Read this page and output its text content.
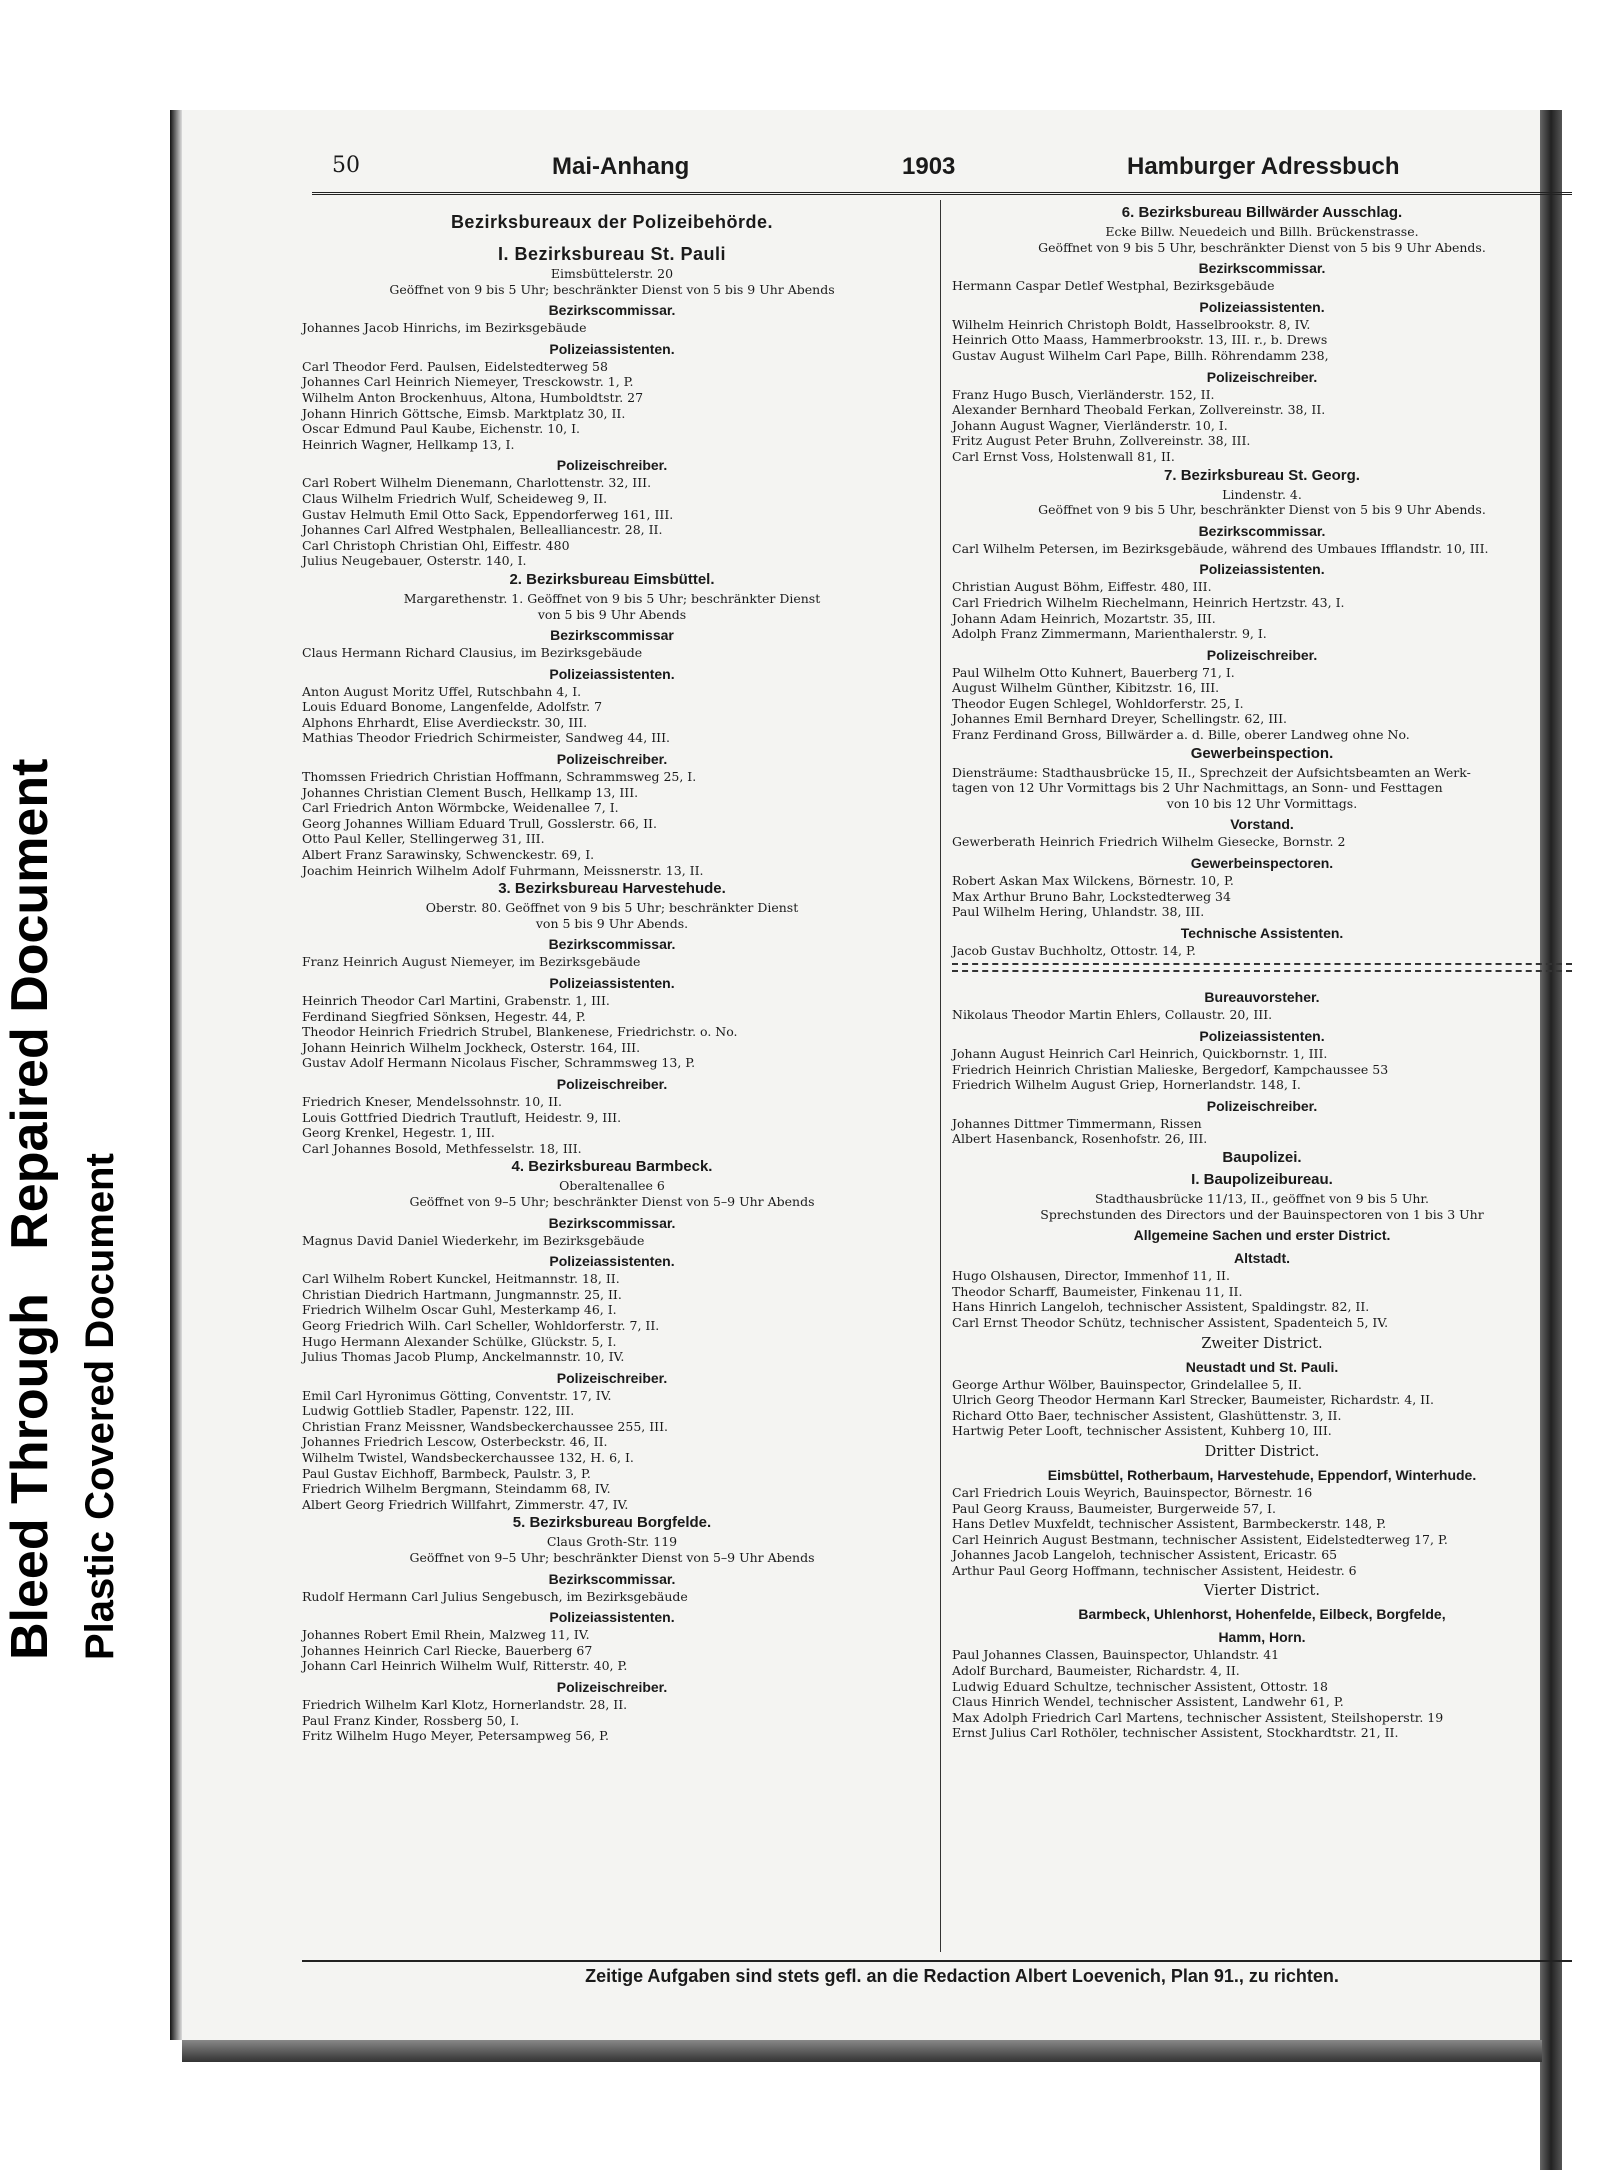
Bleed Through   Repaired Document
Plastic Covered Document
50	Mai-Anhang	1903	Hamburger Adressbuch

Bezirksbureaux der Polizeibehörde.

I. Bezirksbureau St. Pauli

Eimsbüttelerstr. 20

Geöffnet von 9 bis 5 Uhr; beschränkter Dienst von 5 bis 9 Uhr Abends

Bezirkscommissar.

Johannes Jacob Hinrichs, im Bezirksgebäude

Polizeiassistenten.

Carl Theodor Ferd. Paulsen, Eidelstedterweg 58

Johannes Carl Heinrich Niemeyer, Tresckowstr. 1, P.

Wilhelm Anton Brockenhuus, Altona, Humboldtstr. 27

Johann Hinrich Göttsche, Eimsb. Marktplatz 30, II.

Oscar Edmund Paul Kaube, Eichenstr. 10, I.

Heinrich Wagner, Hellkamp 13, I.

Polizeischreiber.

Carl Robert Wilhelm Dienemann, Charlottenstr. 32, III.

Claus Wilhelm Friedrich Wulf, Scheideweg 9, II.

Gustav Helmuth Emil Otto Sack, Eppendorferweg 161, III.

Johannes Carl Alfred Westphalen, Bellealliancestr. 28, II.

Carl Christoph Christian Ohl, Eiffestr. 480

Julius Neugebauer, Osterstr. 140, I.

2. Bezirksbureau Eimsbüttel.

Margarethenstr. 1. Geöffnet von 9 bis 5 Uhr; beschränkter Dienst

von 5 bis 9 Uhr Abends

Bezirkscommissar

Claus Hermann Richard Clausius, im Bezirksgebäude

Polizeiassistenten.

Anton August Moritz Uffel, Rutschbahn 4, I.

Louis Eduard Bonome, Langenfelde, Adolfstr. 7

Alphons Ehrhardt, Elise Averdieckstr. 30, III.

Mathias Theodor Friedrich Schirmeister, Sandweg 44, III.

Polizeischreiber.

Thomssen Friedrich Christian Hoffmann, Schrammsweg 25, I.

Johannes Christian Clement Busch, Hellkamp 13, III.

Carl Friedrich Anton Wörmbcke, Weidenallee 7, I.

Georg Johannes William Eduard Trull, Gosslerstr. 66, II.

Otto Paul Keller, Stellingerweg 31, III.

Albert Franz Sarawinsky, Schwenckestr. 69, I.

Joachim Heinrich Wilhelm Adolf Fuhrmann, Meissnerstr. 13, II.

3. Bezirksbureau Harvestehude.

Oberstr. 80. Geöffnet von 9 bis 5 Uhr; beschränkter Dienst

von 5 bis 9 Uhr Abends.

Bezirkscommissar.

Franz Heinrich August Niemeyer, im Bezirksgebäude

Polizeiassistenten.

Heinrich Theodor Carl Martini, Grabenstr. 1, III.

Ferdinand Siegfried Sönksen, Hegestr. 44, P.

Theodor Heinrich Friedrich Strubel, Blankenese, Friedrichstr. o. No.

Johann Heinrich Wilhelm Jockheck, Osterstr. 164, III.

Gustav Adolf Hermann Nicolaus Fischer, Schrammsweg 13, P.

Polizeischreiber.

Friedrich Kneser, Mendelssohnstr. 10, II.

Louis Gottfried Diedrich Trautluft, Heidestr. 9, III.

Georg Krenkel, Hegestr. 1, III.

Carl Johannes Bosold, Methfesselstr. 18, III.

4. Bezirksbureau Barmbeck.

Oberaltenallee 6

Geöffnet von 9–5 Uhr; beschränkter Dienst von 5–9 Uhr Abends

Bezirkscommissar.

Magnus David Daniel Wiederkehr, im Bezirksgebäude

Polizeiassistenten.

Carl Wilhelm Robert Kunckel, Heitmannstr. 18, II.

Christian Diedrich Hartmann, Jungmannstr. 25, II.

Friedrich Wilhelm Oscar Guhl, Mesterkamp 46, I.

Georg Friedrich Wilh. Carl Scheller, Wohldorferstr. 7, II.

Hugo Hermann Alexander Schülke, Glückstr. 5, I.

Julius Thomas Jacob Plump, Anckelmannstr. 10, IV.

Polizeischreiber.

Emil Carl Hyronimus Götting, Conventstr. 17, IV.

Ludwig Gottlieb Stadler, Papenstr. 122, III.

Christian Franz Meissner, Wandsbeckerchaussee 255, III.

Johannes Friedrich Lescow, Osterbeckstr. 46, II.

Wilhelm Twistel, Wandsbeckerchaussee 132, H. 6, I.

Paul Gustav Eichhoff, Barmbeck, Paulstr. 3, P.

Friedrich Wilhelm Bergmann, Steindamm 68, IV.

Albert Georg Friedrich Willfahrt, Zimmerstr. 47, IV.

5. Bezirksbureau Borgfelde.

Claus Groth-Str. 119

Geöffnet von 9–5 Uhr; beschränkter Dienst von 5–9 Uhr Abends

Bezirkscommissar.

Rudolf Hermann Carl Julius Sengebusch, im Bezirksgebäude

Polizeiassistenten.

Johannes Robert Emil Rhein, Malzweg 11, IV.

Johannes Heinrich Carl Riecke, Bauerberg 67

Johann Carl Heinrich Wilhelm Wulf, Ritterstr. 40, P.

Polizeischreiber.

Friedrich Wilhelm Karl Klotz, Hornerlandstr. 28, II.

Paul Franz Kinder, Rossberg 50, I.

Fritz Wilhelm Hugo Meyer, Petersampweg 56, P.

6. Bezirksbureau Billwärder Ausschlag.

Ecke Billw. Neuedeich und Billh. Brückenstrasse.

Geöffnet von 9 bis 5 Uhr, beschränkter Dienst von 5 bis 9 Uhr Abends.

Bezirkscommissar.

Hermann Caspar Detlef Westphal, Bezirksgebäude

Polizeiassistenten.

Wilhelm Heinrich Christoph Boldt, Hasselbrookstr. 8, IV.

Heinrich Otto Maass, Hammerbrookstr. 13, III. r., b. Drews

Gustav August Wilhelm Carl Pape, Billh. Röhrendamm 238,

Polizeischreiber.

Franz Hugo Busch, Vierländerstr. 152, II.

Alexander Bernhard Theobald Ferkan, Zollvereinstr. 38, II.

Johann August Wagner, Vierländerstr. 10, I.

Fritz August Peter Bruhn, Zollvereinstr. 38, III.

Carl Ernst Voss, Holstenwall 81, II.

7. Bezirksbureau St. Georg.

Lindenstr. 4.

Geöffnet von 9 bis 5 Uhr, beschränkter Dienst von 5 bis 9 Uhr Abends.

Bezirkscommissar.

Carl Wilhelm Petersen, im Bezirksgebäude, während des Umbaues Ifflandstr. 10, III.

Polizeiassistenten.

Christian August Böhm, Eiffestr. 480, III.

Carl Friedrich Wilhelm Riechelmann, Heinrich Hertzstr. 43, I.

Johann Adam Heinrich, Mozartstr. 35, III.

Adolph Franz Zimmermann, Marienthalerstr. 9, I.

Polizeischreiber.

Paul Wilhelm Otto Kuhnert, Bauerberg 71, I.

August Wilhelm Günther, Kibitzstr. 16, III.

Theodor Eugen Schlegel, Wohldorferstr. 25, I.

Johannes Emil Bernhard Dreyer, Schellingstr. 62, III.

Franz Ferdinand Gross, Billwärder a. d. Bille, oberer Landweg ohne No.

Gewerbeinspection.

Diensträume: Stadthausbrücke 15, II., Sprechzeit der Aufsichtsbeamten an Werk-

tagen von 12 Uhr Vormittags bis 2 Uhr Nachmittags, an Sonn- und Festtagen

von 10 bis 12 Uhr Vormittags.

Vorstand.

Gewerberath Heinrich Friedrich Wilhelm Giesecke, Bornstr. 2

Gewerbeinspectoren.

Robert Askan Max Wilckens, Börnestr. 10, P.

Max Arthur Bruno Bahr, Lockstedterweg 34

Paul Wilhelm Hering, Uhlandstr. 38, III.

Technische Assistenten.

Jacob Gustav Buchholtz, Ottostr. 14, P.

Bureauvorsteher.

Nikolaus Theodor Martin Ehlers, Collaustr. 20, III.

Polizeiassistenten.

Johann August Heinrich Carl Heinrich, Quickbornstr. 1, III.

Friedrich Heinrich Christian Malieske, Bergedorf, Kampchaussee 53

Friedrich Wilhelm August Griep, Hornerlandstr. 148, I.

Polizeischreiber.

Johannes Dittmer Timmermann, Rissen

Albert Hasenbanck, Rosenhofstr. 26, III.

Baupolizei.

I. Baupolizeibureau.

Stadthausbrücke 11/13, II., geöffnet von 9 bis 5 Uhr.

Sprechstunden des Directors und der Bauinspectoren von 1 bis 3 Uhr

Allgemeine Sachen und erster District.

Altstadt.

Hugo Olshausen, Director, Immenhof 11, II.

Theodor Scharff, Baumeister, Finkenau 11, II.

Hans Hinrich Langeloh, technischer Assistent, Spaldingstr. 82, II.

Carl Ernst Theodor Schütz, technischer Assistent, Spadenteich 5, IV.

Zweiter District.

Neustadt und St. Pauli.

George Arthur Wölber, Bauinspector, Grindelallee 5, II.

Ulrich Georg Theodor Hermann Karl Strecker, Baumeister, Richardstr. 4, II.

Richard Otto Baer, technischer Assistent, Glashüttenstr. 3, II.

Hartwig Peter Looft, technischer Assistent, Kuhberg 10, III.

Dritter District.

Eimsbüttel, Rotherbaum, Harvestehude, Eppendorf, Winterhude.

Carl Friedrich Louis Weyrich, Bauinspector, Börnestr. 16

Paul Georg Krauss, Baumeister, Burgerweide 57, I.

Hans Detlev Muxfeldt, technischer Assistent, Barmbeckerstr. 148, P.

Carl Heinrich August Bestmann, technischer Assistent, Eidelstedterweg 17, P.

Johannes Jacob Langeloh, technischer Assistent, Ericastr. 65

Arthur Paul Georg Hoffmann, technischer Assistent, Heidestr. 6

Vierter District.

Barmbeck, Uhlenhorst, Hohenfelde, Eilbeck, Borgfelde,

Hamm, Horn.

Paul Johannes Classen, Bauinspector, Uhlandstr. 41

Adolf Burchard, Baumeister, Richardstr. 4, II.

Ludwig Eduard Schultze, technischer Assistent, Ottostr. 18

Claus Hinrich Wendel, technischer Assistent, Landwehr 61, P.

Max Adolph Friedrich Carl Martens, technischer Assistent, Steilshoperstr. 19

Ernst Julius Carl Rothöler, technischer Assistent, Stockhardtstr. 21, II.

Zeitige Aufgaben sind stets gefl. an die Redaction Albert Loevenich, Plan 91., zu richten.
